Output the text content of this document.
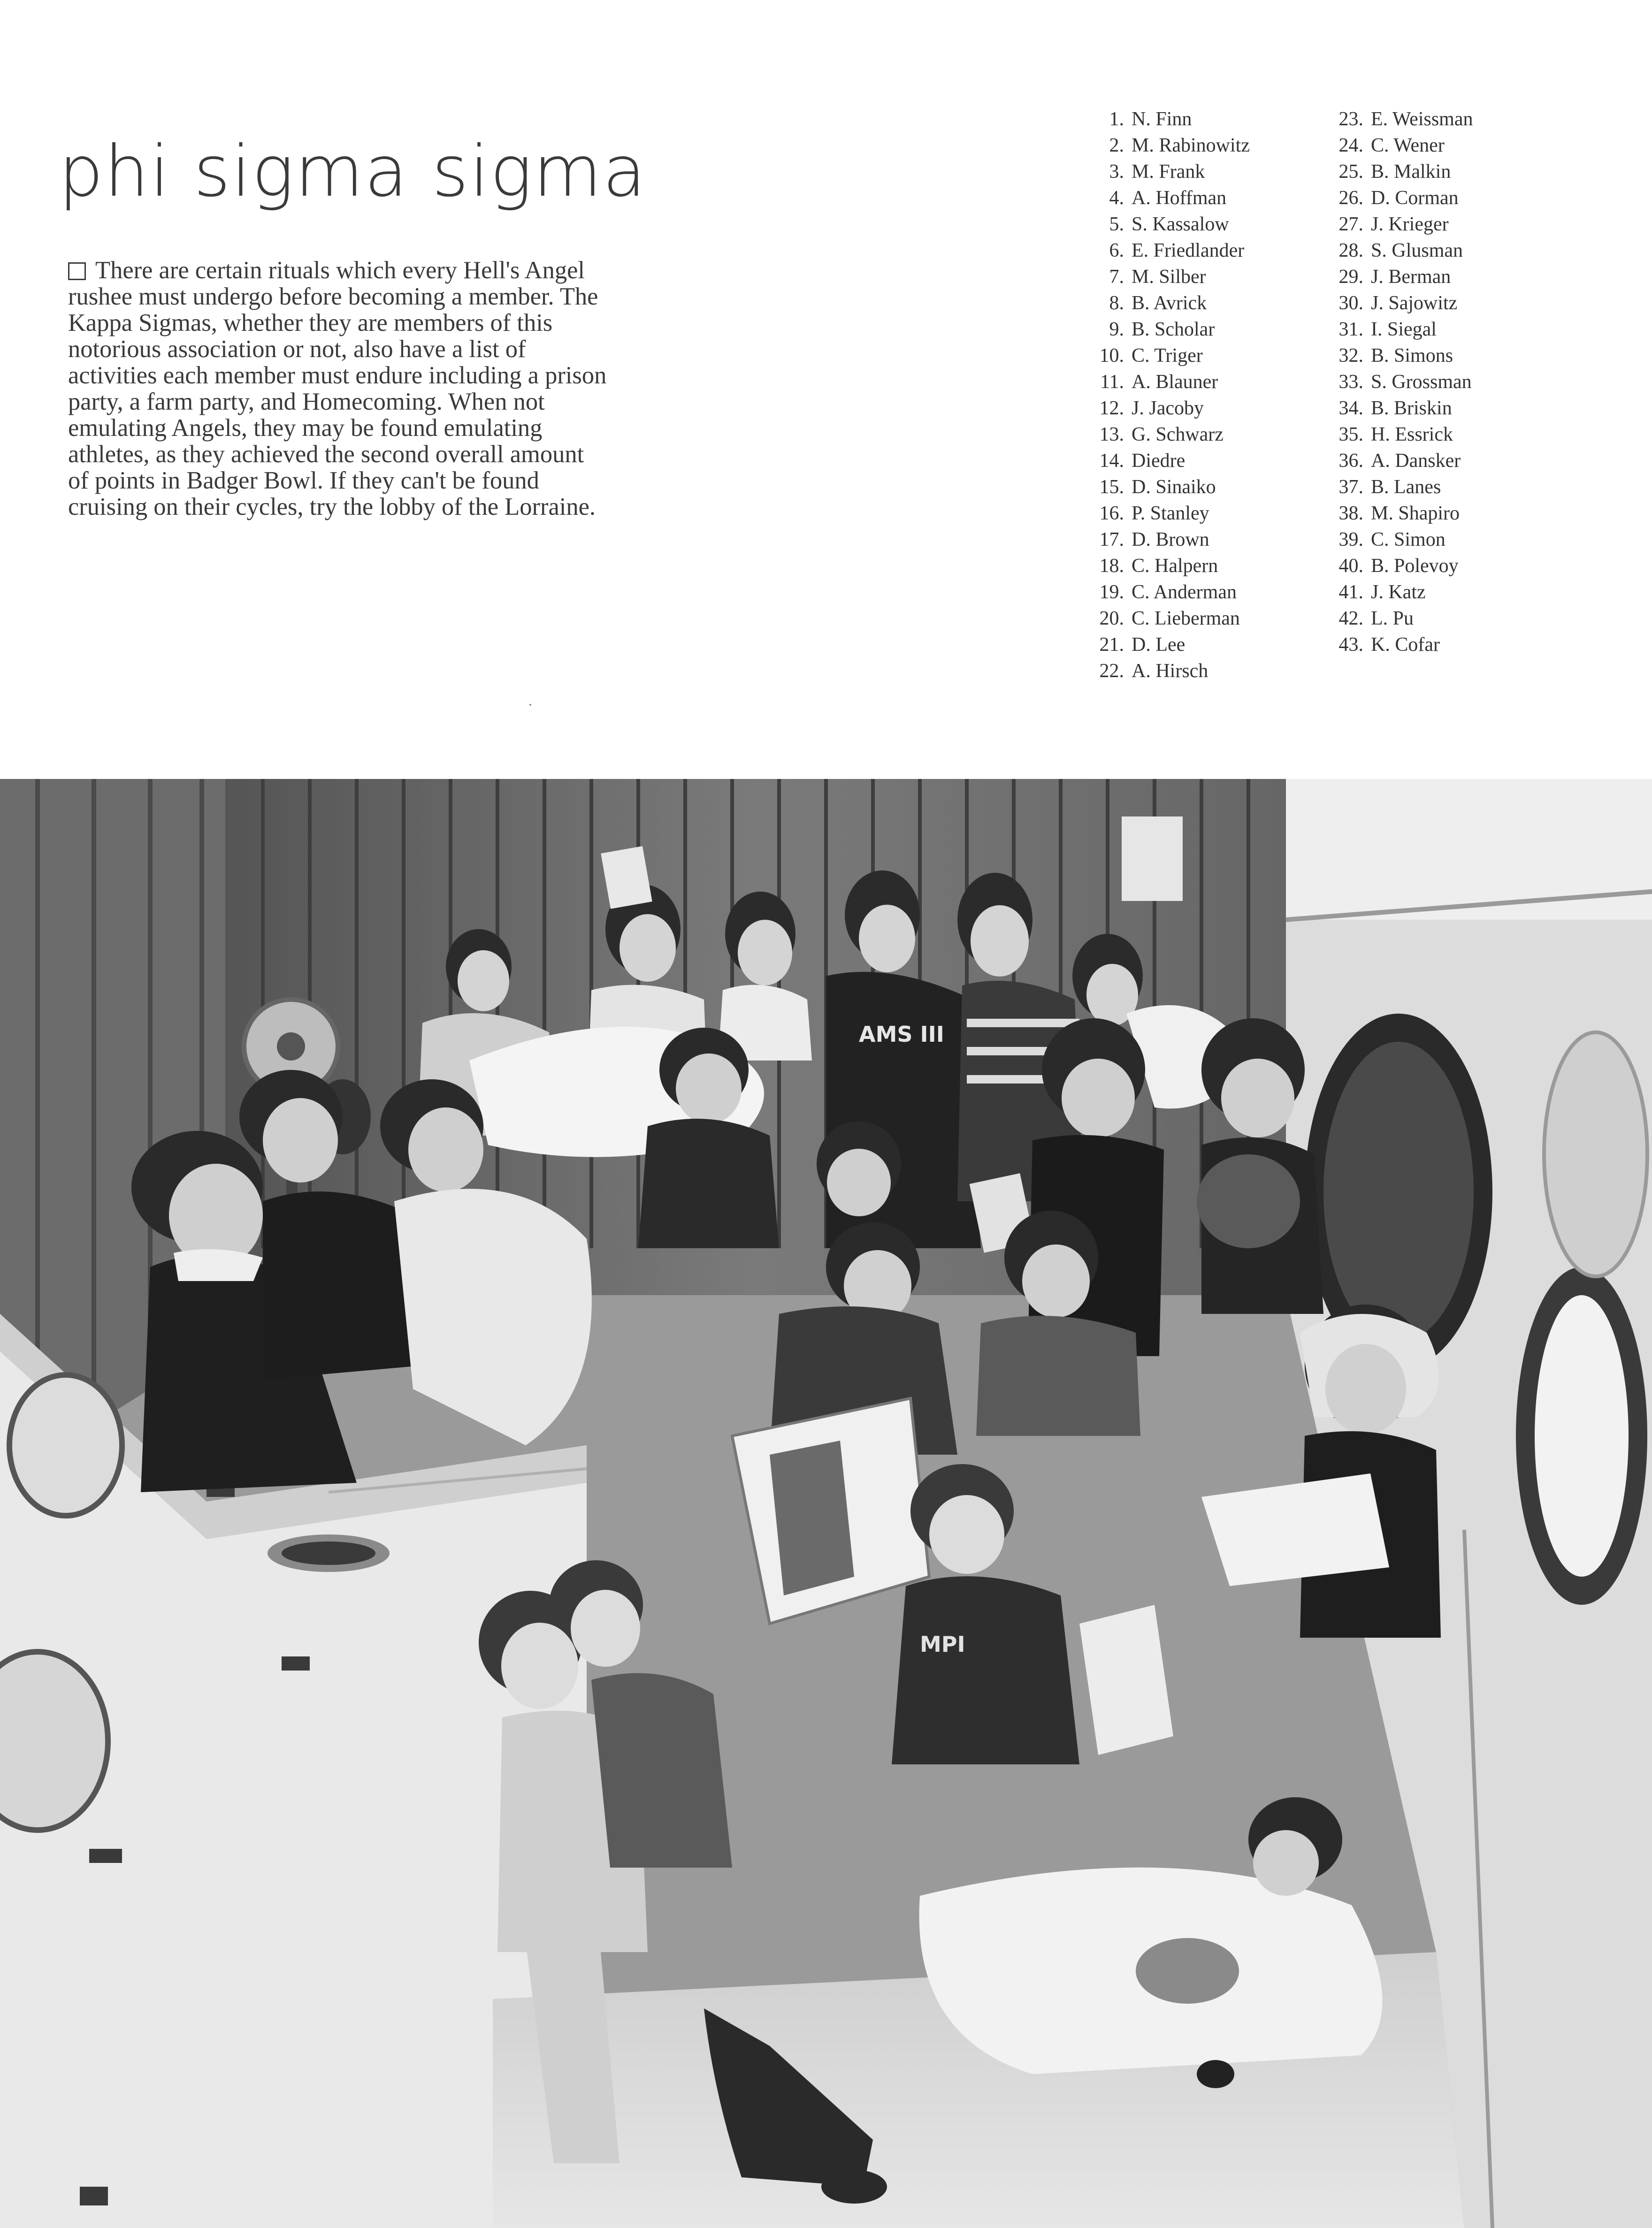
phi sigma sigma

There are certain rituals which every Hell's Angel rushee must undergo before becoming a member. The Kappa Sigmas, whether they are members of this notorious association or not, also have a list of activities each member must endure including a prison party, a farm party, and Homecoming. When not emulating Angels, they may be found emulating athletes, as they achieved the second overall amount of points in Badger Bowl. If they can't be found cruising on their cycles, try the lobby of the Lorraine.

1. N. Finn
2. M. Rabinowitz
3. M. Frank
4. A. Hoffman
5. S. Kassalow
6. E. Friedlander
7. M. Silber
8. B. Avrick
9. B. Scholar
10. C. Triger
11. A. Blauner
12. J. Jacoby
13. G. Schwarz
14. Diedre
15. D. Sinaiko
16. P. Stanley
17. D. Brown
18. C. Halpern
19. C. Anderman
20. C. Lieberman
21. D. Lee
22. A. Hirsch
23. E. Weissman
24. C. Wener
25. B. Malkin
26. D. Corman
27. J. Krieger
28. S. Glusman
29. J. Berman
30. J. Sajowitz
31. I. Siegal
32. B. Simons
33. S. Grossman
34. B. Briskin
35. H. Essrick
36. A. Dansker
37. B. Lanes
38. M. Shapiro
39. C. Simon
40. B. Polevoy
41. J. Katz
42. L. Pu
43. K. Cofar
AMS III
MPI
